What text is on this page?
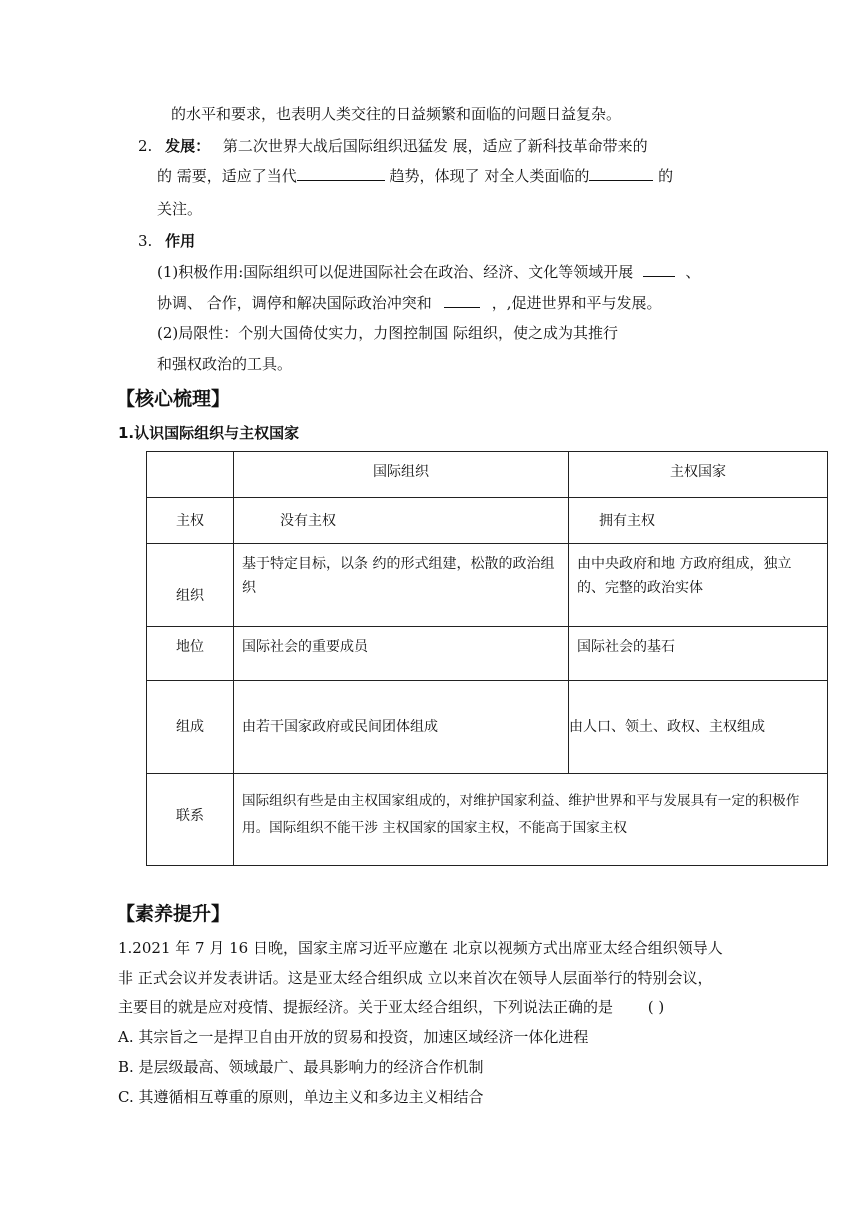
的水平和要求，也表明人类交往的日益频繁和面临的问题日益复杂。
2. 发展： 第二次世界大战后国际组织迅猛发 展，适应了新科技革命带来的
的 需要，适应了当代	趋势，体现了 对全人类面临的	的
关注。
3. 作用
(1)积极作用:国际组织可以促进国际社会在政治、经济、文化等领域开展	、
协调、 合作，调停和解决国际政治冲突和	，,促进世界和平与发展。
(2)局限性：个别大国倚仗实力，力图控制国 际组织，使之成为其推行
和强权政治的工具。
【核心梳理】
1.认识国际组织与主权国家
	国际组织	主权国家
主权	没有主权	拥有主权
组织	基于特定目标，以条 约的形式组建，松散的政治组织	由中央政府和地 方政府组成，独立的、完整的政治实体
地位	国际社会的重要成员	国际社会的基石
组成	由若干国家政府或民间团体组成	由人口、领土、政权、主权组成
联系	国际组织有些是由主权国家组成的，对维护国家利益、维护世界和平与发展具有一定的积极作用。国际组织不能干涉 主权国家的国家主权，不能高于国家主权	
【素养提升】
1.2021 年 7 月 16 日晚，国家主席习近平应邀在 北京以视频方式出席亚太经合组织领导人
非 正式会议并发表讲话。这是亚太经合组织成 立以来首次在领导人层面举行的特别会议，
主要目的就是应对疫情、提振经济。关于亚太经合组织，下列说法正确的是 ( )
A. 其宗旨之一是捍卫自由开放的贸易和投资，加速区域经济一体化进程
B. 是层级最高、领域最广、最具影响力的经济合作机制
C. 其遵循相互尊重的原则，单边主义和多边主义相结合
